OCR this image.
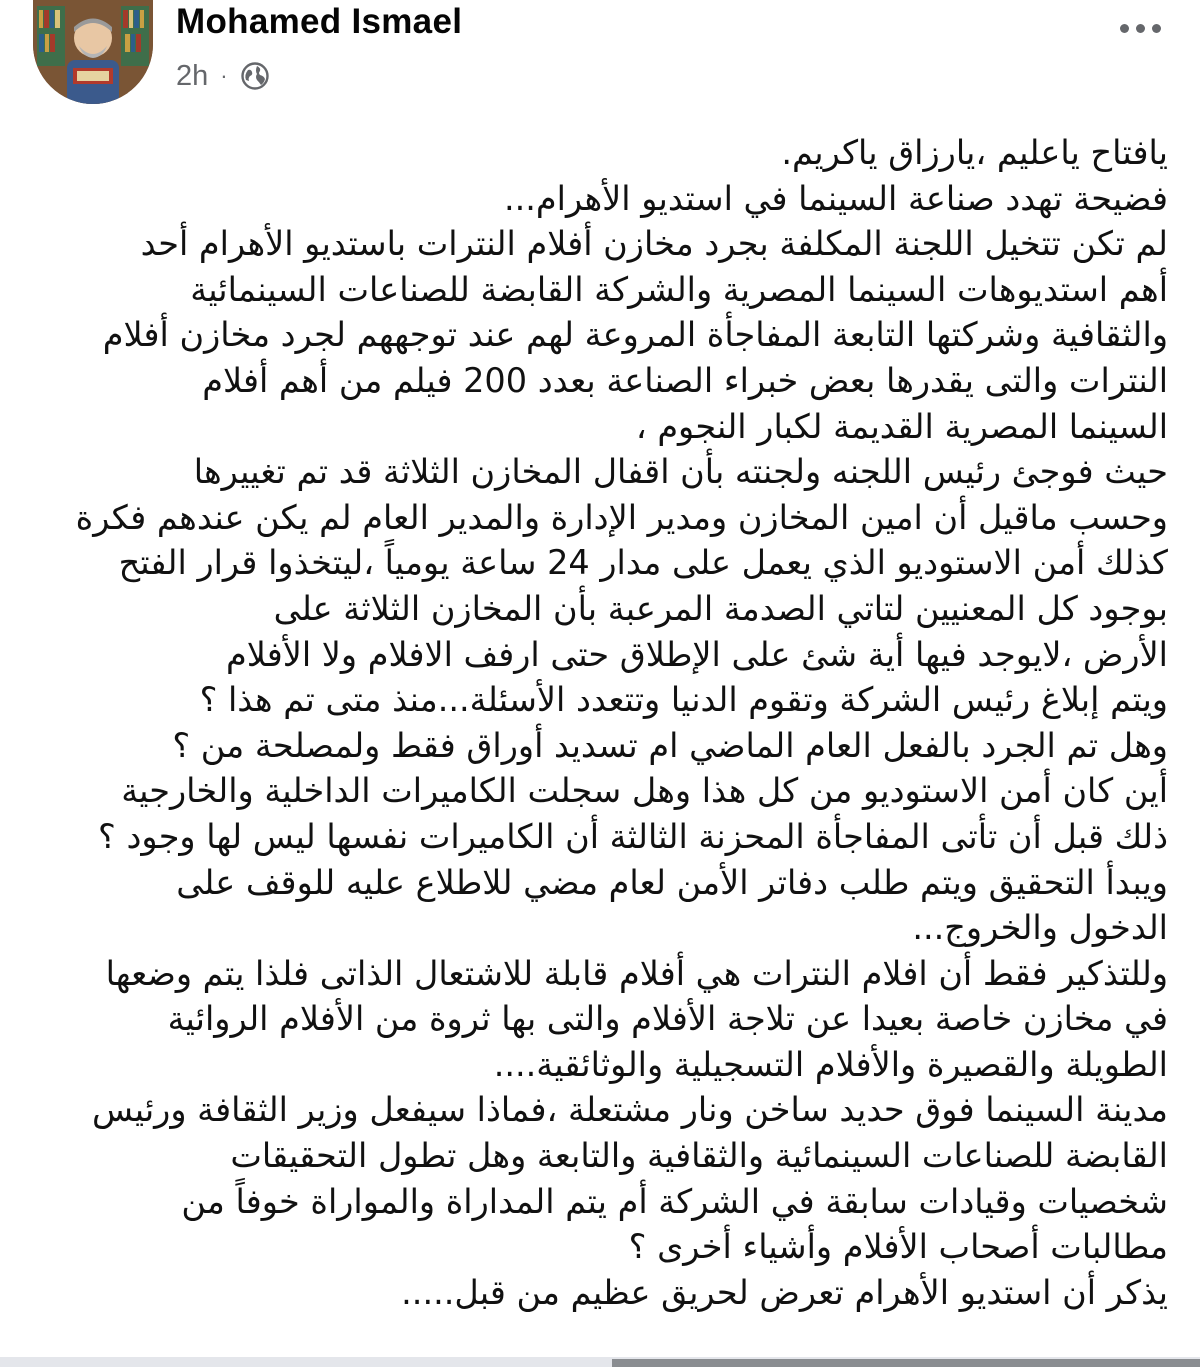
Mohamed Ismael
2h ·
يافتاح ياعليم ،يارزاق ياكريم.
فضيحة تهدد صناعة السينما في استديو الأهرام...
لم تكن تتخيل اللجنة المكلفة بجرد مخازن أفلام النترات باستديو الأهرام أحد
أهم استديوهات السينما المصرية والشركة القابضة للصناعات السينمائية
والثقافية وشركتها التابعة المفاجأة المروعة لهم عند توجههم لجرد مخازن أفلام
النترات والتى يقدرها بعض خبراء الصناعة بعدد 200 فيلم من أهم أفلام
السينما المصرية القديمة لكبار النجوم ،
حيث فوجئ رئيس اللجنه ولجنته بأن اقفال المخازن الثلاثة قد تم تغييرها
وحسب ماقيل أن امين المخازن ومدير الإدارة والمدير العام لم يكن عندهم فكرة
كذلك أمن الاستوديو الذي يعمل على مدار 24 ساعة يومياً ،ليتخذوا قرار الفتح
بوجود كل المعنيين لتاتي الصدمة المرعبة بأن المخازن الثلاثة على
الأرض ،لايوجد فيها أية شئ على الإطلاق حتى ارفف الافلام ولا الأفلام
ويتم إبلاغ رئيس الشركة وتقوم الدنيا وتتعدد الأسئلة...منذ متى تم هذا ؟
وهل تم الجرد بالفعل العام الماضي ام تسديد أوراق فقط ولمصلحة من ؟
أين كان أمن الاستوديو من كل هذا وهل سجلت الكاميرات الداخلية والخارجية
ذلك قبل أن تأتى المفاجأة المحزنة الثالثة أن الكاميرات نفسها ليس لها وجود ؟
ويبدأ التحقيق ويتم طلب دفاتر الأمن لعام مضي للاطلاع عليه للوقف على
الدخول والخروج...
وللتذكير فقط أن افلام النترات هي أفلام قابلة للاشتعال الذاتى فلذا يتم وضعها
في مخازن خاصة بعيدا عن تلاجة الأفلام والتى بها ثروة من الأفلام الروائية
الطويلة والقصيرة والأفلام التسجيلية والوثائقية....
مدينة السينما فوق حديد ساخن ونار مشتعلة ،فماذا سيفعل وزير الثقافة ورئيس
القابضة للصناعات السينمائية والثقافية والتابعة وهل تطول التحقيقات
شخصيات وقيادات سابقة في الشركة أم يتم المداراة والمواراة خوفاً من
مطالبات أصحاب الأفلام وأشياء أخرى ؟
يذكر أن استديو الأهرام تعرض لحريق عظيم من قبل.....
